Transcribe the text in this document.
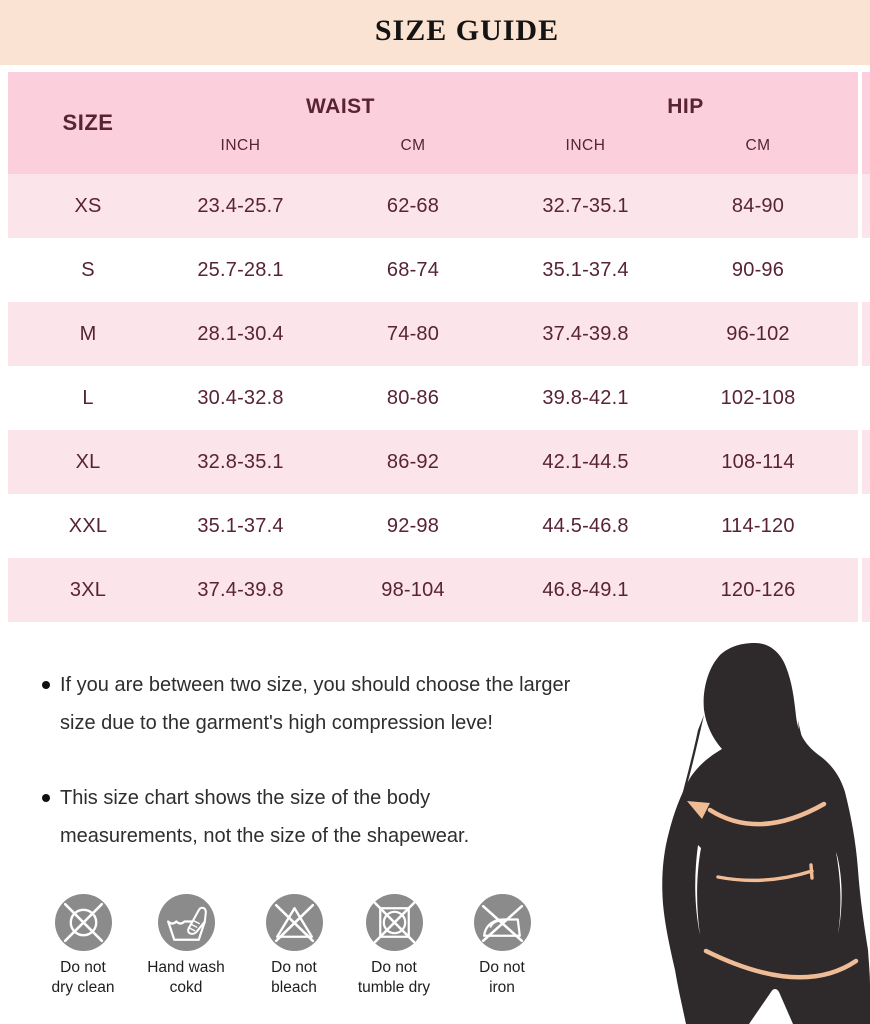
SIZE GUIDE
SIZE
WAIST	HIP
INCH	CM	INCH	CM
XS	23.4-25.7	62-68	32.7-35.1	84-90
S	25.7-28.1	68-74	35.1-37.4	90-96
M	28.1-30.4	74-80	37.4-39.8	96-102
L	30.4-32.8	80-86	39.8-42.1	102-108
XL	32.8-35.1	86-92	42.1-44.5	108-114
XXL	35.1-37.4	92-98	44.5-46.8	114-120
3XL	37.4-39.8	98-104	46.8-49.1	120-126
If you are between two size, you should choose the larger
size due to the garment's high compression leve!
This size chart shows the size of the body
measurements, not the size of the shapewear.
Do not
dry clean
Hand wash
cokd
Do not
bleach
Do not
tumble dry
Do not
iron
